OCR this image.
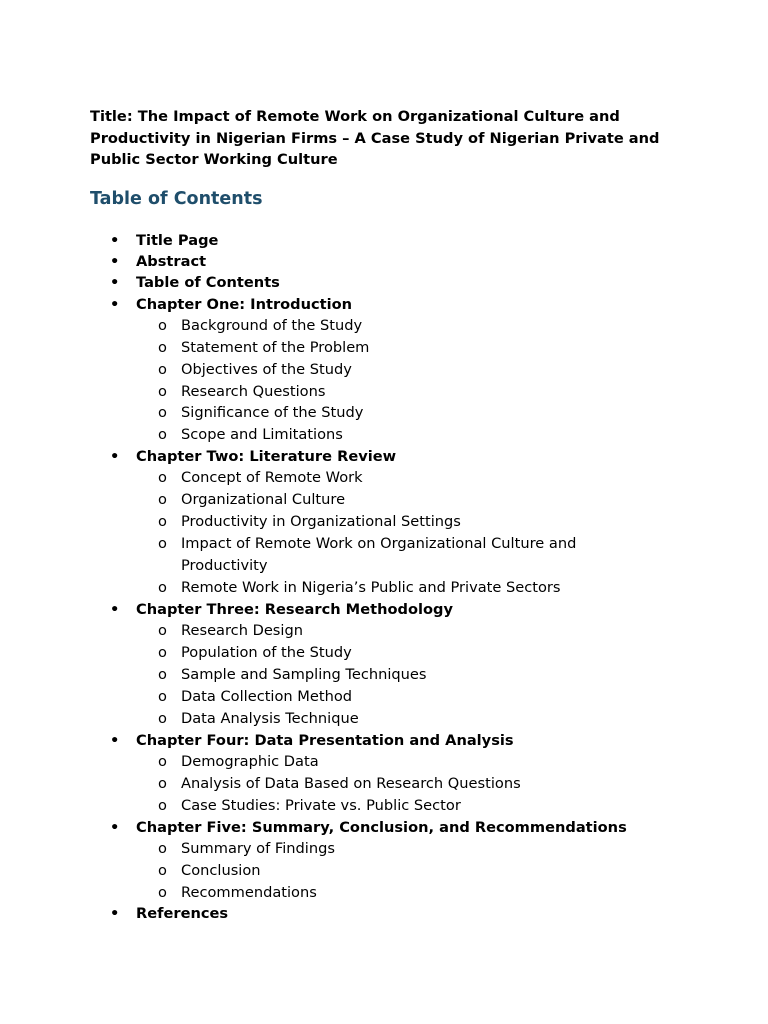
Title: The Impact of Remote Work on Organizational Culture and Productivity in Nigerian Firms – A Case Study of Nigerian Private and Public Sector Working Culture

Table of Contents
• Title Page
• Abstract
• Table of Contents
• Chapter One: Introduction
o Background of the Study
o Statement of the Problem
o Objectives of the Study
o Research Questions
o Significance of the Study
o Scope and Limitations
• Chapter Two: Literature Review
o Concept of Remote Work
o Organizational Culture
o Productivity in Organizational Settings
o Impact of Remote Work on Organizational Culture and Productivity
o Remote Work in Nigeria’s Public and Private Sectors
• Chapter Three: Research Methodology
o Research Design
o Population of the Study
o Sample and Sampling Techniques
o Data Collection Method
o Data Analysis Technique
• Chapter Four: Data Presentation and Analysis
o Demographic Data
o Analysis of Data Based on Research Questions
o Case Studies: Private vs. Public Sector
• Chapter Five: Summary, Conclusion, and Recommendations
o Summary of Findings
o Conclusion
o Recommendations
• References
